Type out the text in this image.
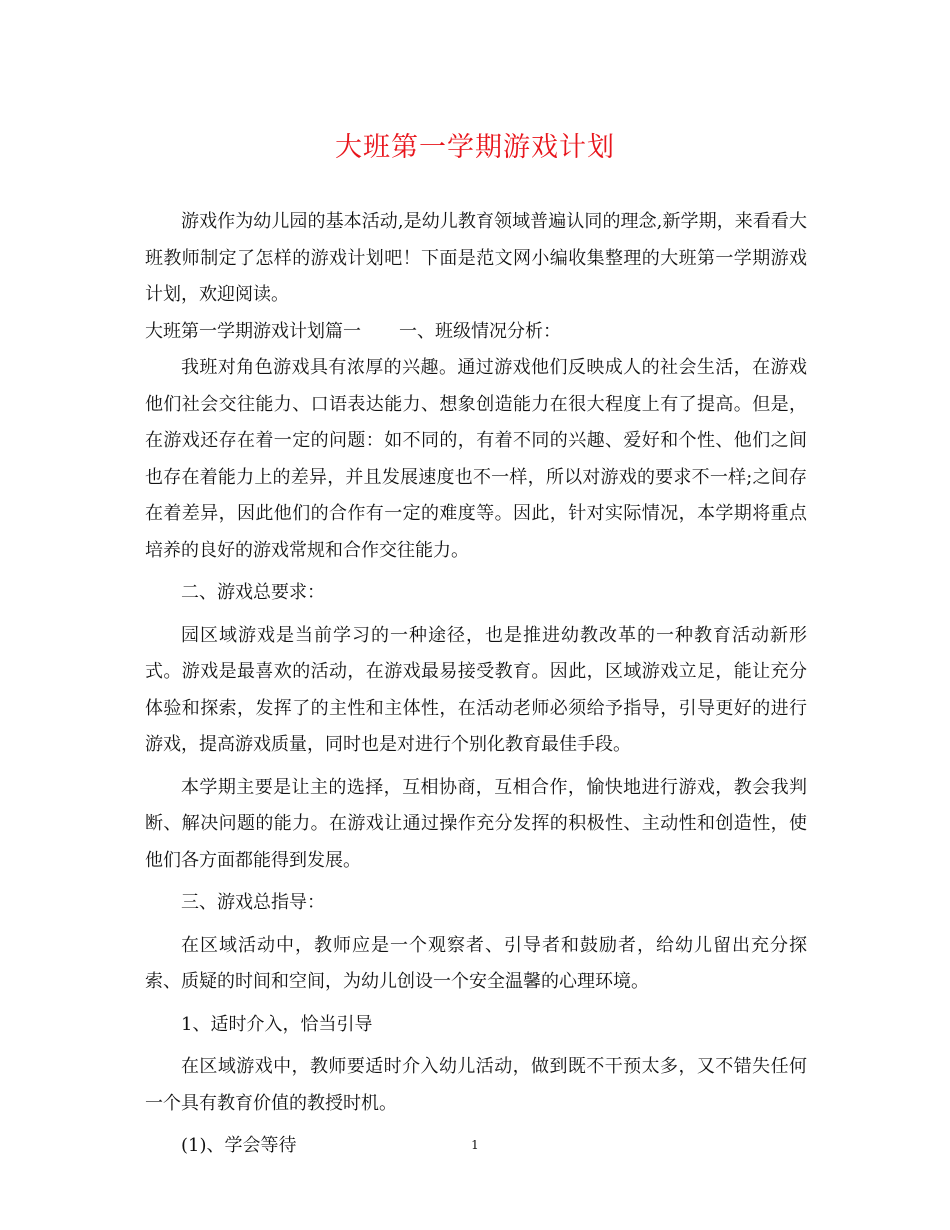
大班第一学期游戏计划

游戏作为幼儿园的基本活动,是幼儿教育领域普遍认同的理念,新学期，来看看大班教师制定了怎样的游戏计划吧！下面是范文网小编收集整理的大班第一学期游戏计划，欢迎阅读。

大班第一学期游戏计划篇一 一、班级情况分析：

我班对角色游戏具有浓厚的兴趣。通过游戏他们反映成人的社会生活，在游戏他们社会交往能力、口语表达能力、想象创造能力在很大程度上有了提高。但是，在游戏还存在着一定的问题：如不同的，有着不同的兴趣、爱好和个性、他们之间也存在着能力上的差异，并且发展速度也不一样，所以对游戏的要求不一样;之间存在着差异，因此他们的合作有一定的难度等。因此，针对实际情况，本学期将重点培养的良好的游戏常规和合作交往能力。

二、游戏总要求：

园区域游戏是当前学习的一种途径，也是推进幼教改革的一种教育活动新形式。游戏是最喜欢的活动，在游戏最易接受教育。因此，区域游戏立足，能让充分体验和探索，发挥了的主性和主体性，在活动老师必须给予指导，引导更好的进行游戏，提高游戏质量，同时也是对进行个别化教育最佳手段。

本学期主要是让主的选择，互相协商，互相合作，愉快地进行游戏，教会我判断、解决问题的能力。在游戏让通过操作充分发挥的积极性、主动性和创造性，使他们各方面都能得到发展。

三、游戏总指导：

在区域活动中，教师应是一个观察者、引导者和鼓励者，给幼儿留出充分探索、质疑的时间和空间，为幼儿创设一个安全温馨的心理环境。

1、适时介入，恰当引导

在区域游戏中，教师要适时介入幼儿活动，做到既不干预太多，又不错失任何一个具有教育价值的教授时机。

(1)、学会等待	1
